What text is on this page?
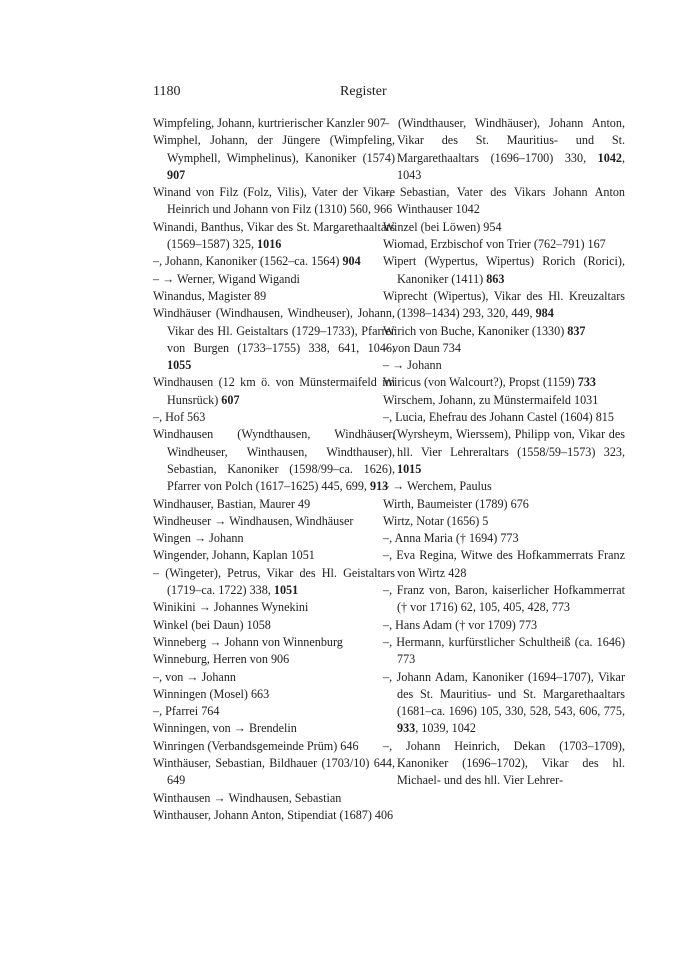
1180	Register
Wimpfeling, Johann, kurtrierischer Kanzler 907
Wimphel, Johann, der Jüngere (Wimpfeling, Wymphell, Wimphelinus), Kanoniker (1574) 907
Winand von Filz (Folz, Vilis), Vater der Vikare Heinrich und Johann von Filz (1310) 560, 966
Winandi, Banthus, Vikar des St. Margarethaaltars (1569–1587) 325, 1016
–, Johann, Kanoniker (1562–ca. 1564) 904
– → Werner, Wigand Wigandi
Winandus, Magister 89
Windhäuser (Windhausen, Windheuser), Johann, Vikar des Hl. Geistaltars (1729–1733), Pfarrer von Burgen (1733–1755) 338, 641, 1046, 1055
Windhausen (12 km ö. von Münstermaifeld im Hunsrück) 607
–, Hof 563
Windhausen (Wyndthausen, Windhäuser, Windheuser, Winthausen, Windthauser), Sebastian, Kanoniker (1598/99–ca. 1626), Pfarrer von Polch (1617–1625) 445, 699, 913
Windhauser, Bastian, Maurer 49
Windheuser → Windhausen, Windhäuser
Wingen → Johann
Wingender, Johann, Kaplan 1051
– (Wingeter), Petrus, Vikar des Hl. Geistaltars (1719–ca. 1722) 338, 1051
Winikini → Johannes Wynekini
Winkel (bei Daun) 1058
Winneberg → Johann von Winnenburg
Winneburg, Herren von 906
–, von → Johann
Winningen (Mosel) 663
–, Pfarrei 764
Winningen, von → Brendelin
Winringen (Verbandsgemeinde Prüm) 646
Winthäuser, Sebastian, Bildhauer (1703/10) 644, 649
Winthausen → Windhausen, Sebastian
Winthauser, Johann Anton, Stipendiat (1687) 406
– (Windthauser, Windhäuser), Johann Anton, Vikar des St. Mauritius- und St. Margarethaaltars (1696–1700) 330, 1042, 1043
–, Sebastian, Vater des Vikars Johann Anton Winthauser 1042
Winzel (bei Löwen) 954
Wiomad, Erzbischof von Trier (762–791) 167
Wipert (Wypertus, Wipertus) Rorich (Rorici), Kanoniker (1411) 863
Wiprecht (Wipertus), Vikar des Hl. Kreuzaltars (1398–1434) 293, 320, 449, 984
Wirich von Buche, Kanoniker (1330) 837
– von Daun 734
– → Johann
Wiricus (von Walcourt?), Propst (1159) 733
Wirschem, Johann, zu Münstermaifeld 1031
–, Lucia, Ehefrau des Johann Castel (1604) 815
– (Wyrsheym, Wierssem), Philipp von, Vikar des hll. Vier Lehreraltars (1558/59–1573) 323, 1015
– → Werchem, Paulus
Wirth, Baumeister (1789) 676
Wirtz, Notar (1656) 5
–, Anna Maria († 1694) 773
–, Eva Regina, Witwe des Hofkammerrats Franz von Wirtz 428
–, Franz von, Baron, kaiserlicher Hofkammerrat († vor 1716) 62, 105, 405, 428, 773
–, Hans Adam († vor 1709) 773
–, Hermann, kurfürstlicher Schultheiß (ca. 1646) 773
–, Johann Adam, Kanoniker (1694–1707), Vikar des St. Mauritius- und St. Margarethaaltars (1681–ca. 1696) 105, 330, 528, 543, 606, 775, 933, 1039, 1042
–, Johann Heinrich, Dekan (1703–1709), Kanoniker (1696–1702), Vikar des hl. Michael- und des hll. Vier Lehrer-
